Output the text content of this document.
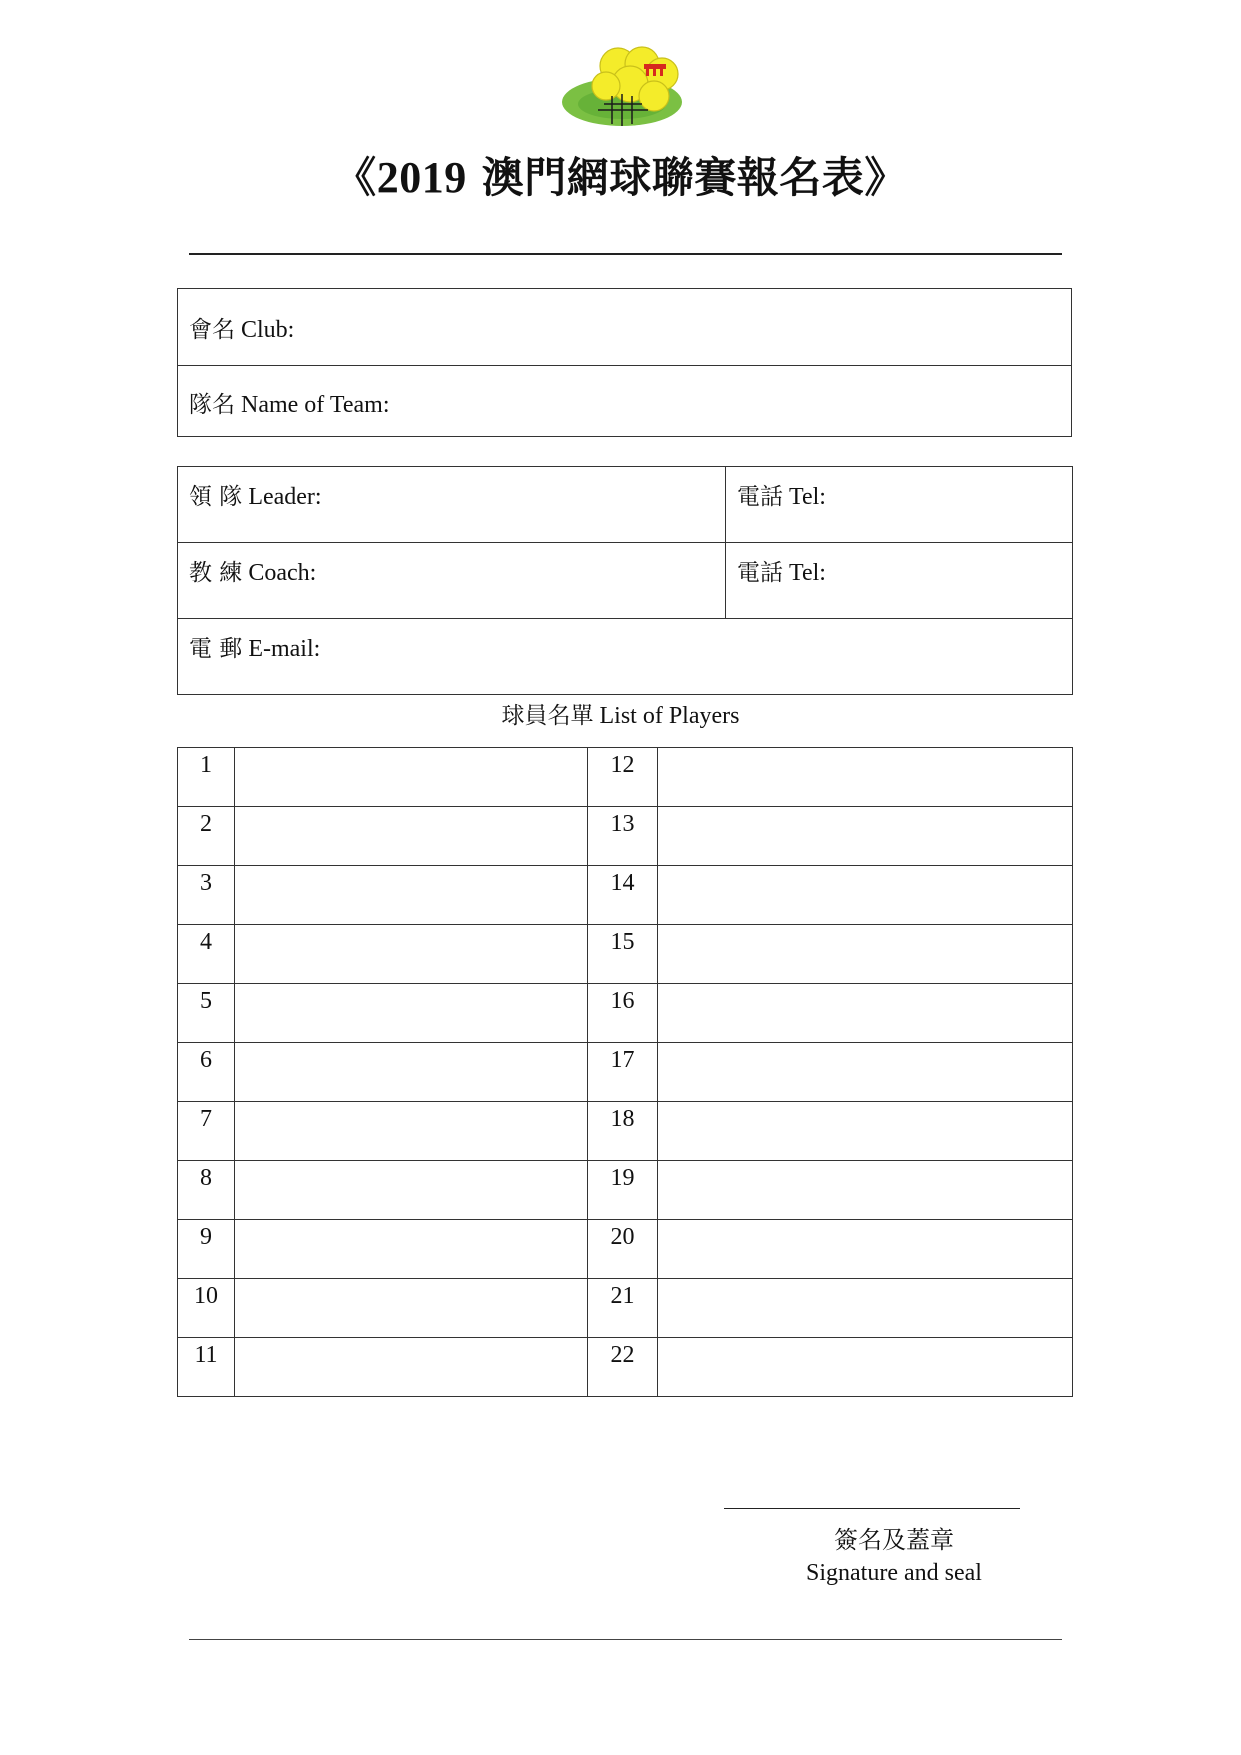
《2019 澳門網球聯賽報名表》
會名 Club:
隊名 Name of Team:
領 隊 Leader:	電話 Tel:
教 練 Coach:	電話 Tel:
電 郵 E-mail:	
球員名單 List of Players
1		12	
2		13	
3		14	
4		15	
5		16	
6		17	
7		18	
8		19	
9		20	
10		21	
11		22	
簽名及蓋章
Signature and seal
